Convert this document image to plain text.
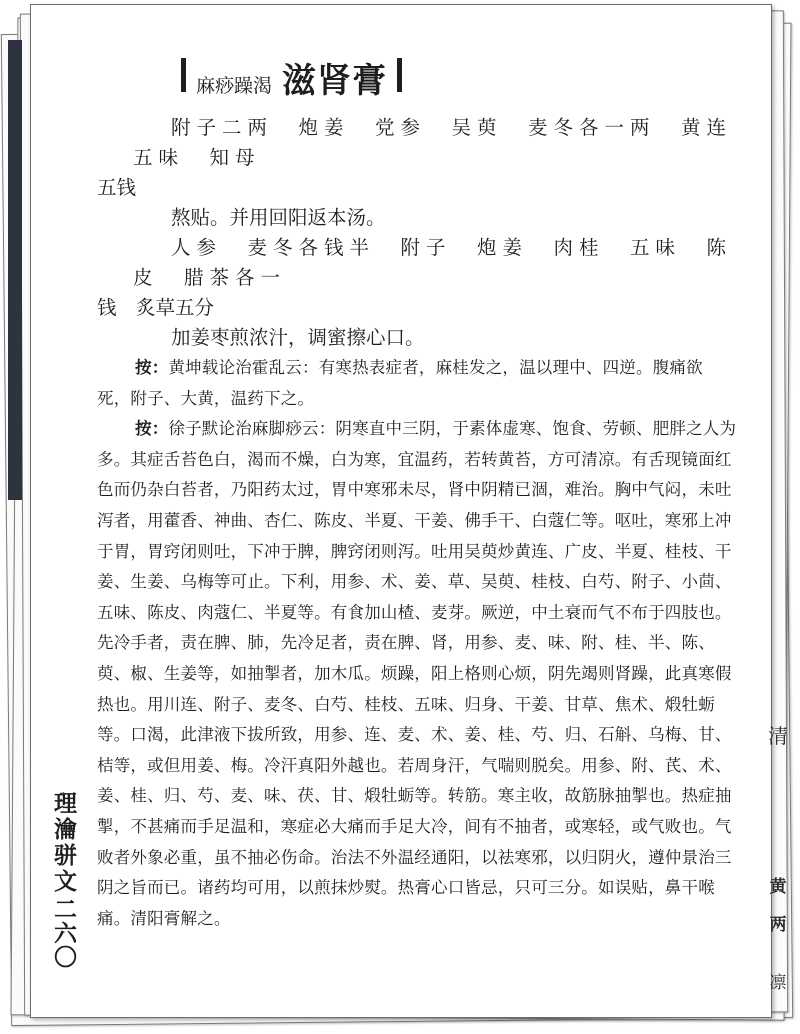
麻痧躁渴 滋肾膏

附子二两　炮姜　党参　吴萸　麦冬各一两　黄连　五味　知母

五钱

熬贴。并用回阳返本汤。

人参　麦冬各钱半　附子　炮姜　肉桂　五味　陈皮　腊茶各一

钱　炙草五分

加姜枣煎浓汁，调蜜擦心口。

按：黄坤载论治霍乱云：有寒热表症者，麻桂发之，温以理中、四逆。腹痛欲死，附子、大黄，温药下之。

按：徐子默论治麻脚痧云：阴寒直中三阴，于素体虚寒、饱食、劳顿、肥胖之人为多。其症舌苔色白，渴而不燥，白为寒，宜温药，若转黄苔，方可清凉。有舌现镜面红色而仍杂白苔者，乃阳药太过，胃中寒邪未尽，肾中阴精已涸，难治。胸中气闷，未吐泻者，用藿香、神曲、杏仁、陈皮、半夏、干姜、佛手干、白蔻仁等。呕吐，寒邪上冲于胃，胃窍闭则吐，下冲于脾，脾窍闭则泻。吐用吴萸炒黄连、广皮、半夏、桂枝、干姜、生姜、乌梅等可止。下利，用参、术、姜、草、吴萸、桂枝、白芍、附子、小茴、五味、陈皮、肉蔻仁、半夏等。有食加山楂、麦芽。厥逆，中土衰而气不布于四肢也。先冷手者，责在脾、肺，先冷足者，责在脾、肾，用参、麦、味、附、桂、半、陈、萸、椒、生姜等，如抽掣者，加木瓜。烦躁，阳上格则心烦，阴先竭则肾躁，此真寒假热也。用川连、附子、麦冬、白芍、桂枝、五味、归身、干姜、甘草、焦术、煅牡蛎等。口渴，此津液下拔所致，用参、连、麦、术、姜、桂、芍、归、石斛、乌梅、甘、桔等，或但用姜、梅。冷汗真阳外越也。若周身汗，气喘则脱矣。用参、附、芪、术、姜、桂、归、芍、麦、味、茯、甘、煅牡蛎等。转筋。寒主收，故筋脉抽掣也。热症抽掣，不甚痛而手足温和，寒症必大痛而手足大冷，间有不抽者，或寒轻，或气败也。气败者外象必重，虽不抽必伤命。治法不外温经通阳，以祛寒邪，以归阴火，遵仲景治三阴之旨而已。诸药均可用，以煎抹炒熨。热膏心口皆忌，只可三分。如误贴，鼻干喉痛。清阳膏解之。

理瀹骈文
二六〇
清
黄
两
凛
